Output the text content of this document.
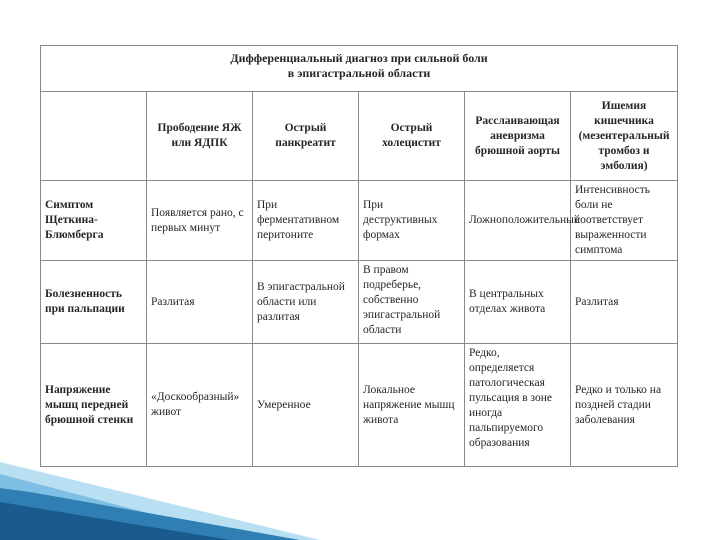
Дифференциальный диагноз при сильной боли
в эпигастральной области					

	Прободение ЯЖ или ЯДПК	Острый панкреатит	Острый холецистит	Расслаивающая аневризма брюшной аорты	Ишемия кишечника (мезентеральный тромбоз и эмболия)
Симптом Щеткина-Блюмберга	Появляется рано, с первых минут	При ферментативном перитоните	При деструктивных формах	Ложноположительный	Интенсивность боли не соответствует выраженности симптома
Болезненность при пальпации	Разлитая	В эпигастральной области или разлитая	В правом подреберье, собственно эпигастральной области	В центральных отделах живота	Разлитая
Напряжение мышц передней брюшной стенки	«Доскообразный» живот	Умеренное	Локальное напряжение мышц живота	Редко, определяется патологическая пульсация в зоне иногда пальпируемого образования	Редко и только на поздней стадии заболевания
